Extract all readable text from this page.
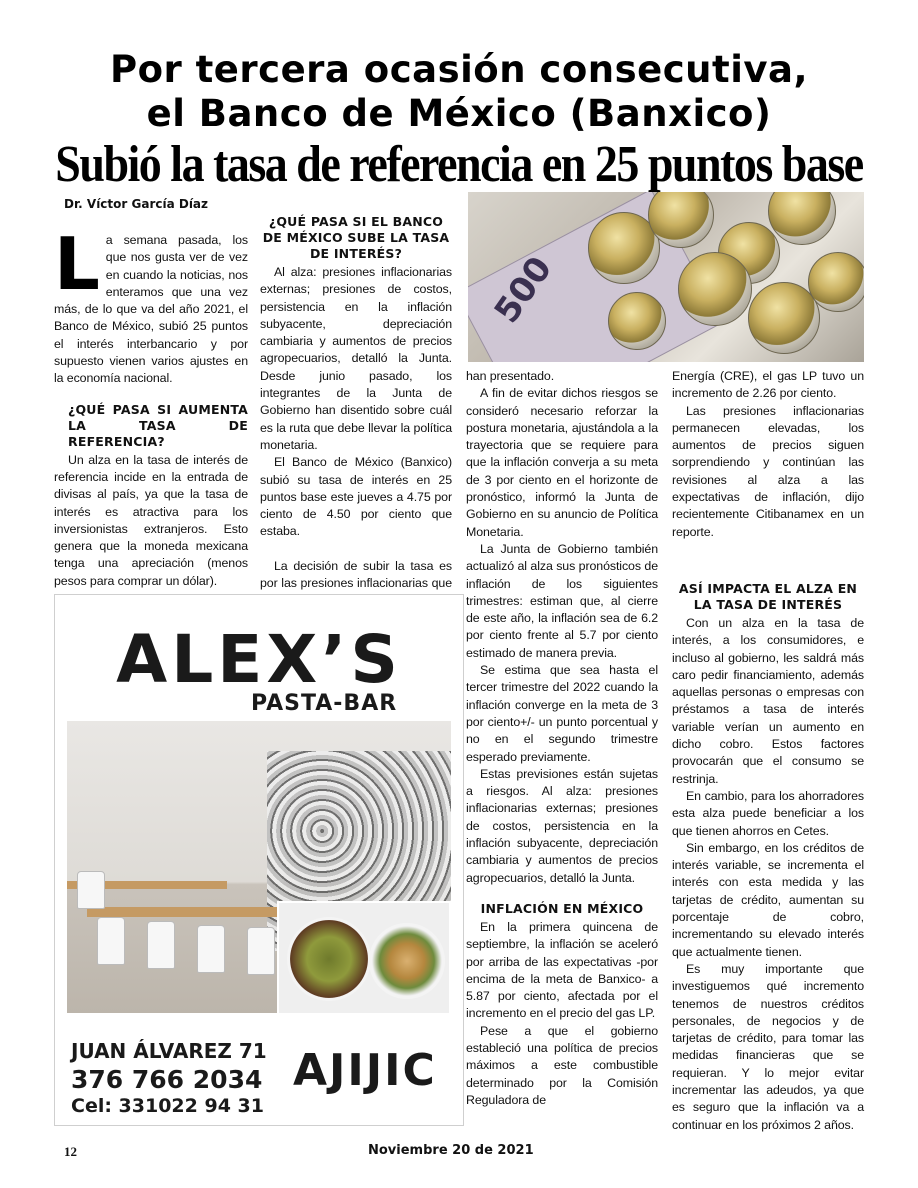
Por tercera ocasión consecutiva,
el Banco de México (Banxico)
Subió la tasa de referencia en 25 puntos base
Dr. Víctor García Díaz

La semana pasada, los que nos gusta ver de vez en cuando la noticias, nos enteramos que una vez más, de lo que va del año 2021, el Banco de México, subió 25 puntos el interés interbancario y por supuesto vienen varios ajustes en la economía nacional.

¿QUÉ PASA SI AUMENTA LA TASA DE REFERENCIA?

Un alza en la tasa de interés de referencia incide en la entrada de divisas al país, ya que la tasa de interés es atractiva para los inversionistas extranjeros. Esto genera que la moneda mexicana tenga una apreciación (menos pesos para comprar un dólar).

¿QUÉ PASA SI EL BANCO DE MÉXICO SUBE LA TASA DE INTERÉS?

Al alza: presiones inflacionarias externas; presiones de costos, persistencia en la inflación subyacente, depreciación cambiaria y aumentos de precios agropecuarios, detalló la Junta. Desde junio pasado, los integrantes de la Junta de Gobierno han disentido sobre cuál es la ruta que debe llevar la política monetaria.

El Banco de México (Banxico) subió su tasa de interés en 25 puntos base este jueves a 4.75 por ciento de 4.50 por ciento que estaba.

La decisión de subir la tasa es por las presiones inflacionarias que

500

han presentado.

A fin de evitar dichos riesgos se consideró necesario reforzar la postura monetaria, ajustándola a la trayectoria que se requiere para que la inflación converja a su meta de 3 por ciento en el horizonte de pronóstico, informó la Junta de Gobierno en su anuncio de Política Monetaria.

La Junta de Gobierno también actualizó al alza sus pronósticos de inflación de los siguientes trimestres: estiman que, al cierre de este año, la inflación sea de 6.2 por ciento frente al 5.7 por ciento estimado de manera previa.

Se estima que sea hasta el tercer trimestre del 2022 cuando la inflación converge en la meta de 3 por ciento+/- un punto porcentual y no en el segundo trimestre esperado previamente.

Estas previsiones están sujetas a riesgos. Al alza: presiones inflacionarias externas; presiones de costos, persistencia en la inflación subyacente, depreciación cambiaria y aumentos de precios agropecuarios, detalló la Junta.

INFLACIÓN EN MÉXICO

En la primera quincena de septiembre, la inflación se aceleró por arriba de las expectativas -por encima de la meta de Banxico- a 5.87 por ciento, afectada por el incremento en el precio del gas LP.

Pese a que el gobierno estableció una política de precios máximos a este combustible determinado por la Comisión Reguladora de

Energía (CRE), el gas LP tuvo un incremento de 2.26 por ciento.

Las presiones inflacionarias permanecen elevadas, los aumentos de precios siguen sorprendiendo y continúan las revisiones al alza a las expectativas de inflación, dijo recientemente Citibanamex en un reporte.

ASÍ IMPACTA EL ALZA EN LA TASA DE INTERÉS

Con un alza en la tasa de interés, a los consumidores, e incluso al gobierno, les saldrá más caro pedir financiamiento, además aquellas personas o empresas con préstamos a tasa de interés variable verían un aumento en dicho cobro. Estos factores provocarán que el consumo se restrinja.

En cambio, para los ahorradores esta alza puede beneficiar a los que tienen ahorros en Cetes.

Sin embargo, en los créditos de interés variable, se incrementa el interés con esta medida y las tarjetas de crédito, aumentan su porcentaje de cobro, incrementando su elevado interés que actualmente tienen.

Es muy importante que investiguemos qué incremento tenemos de nuestros créditos personales, de negocios y de tarjetas de crédito, para tomar las medidas financieras que se requieran. Y lo mejor evitar incrementar las adeudos, ya que es seguro que la inflación va a continuar en los próximos 2 años.

ALEX’S
PASTA-BAR
JUAN ÁLVAREZ 71
376 766 2034
Cel: 331022 94 31
AJIJIC
12	Noviembre 20 de 2021
